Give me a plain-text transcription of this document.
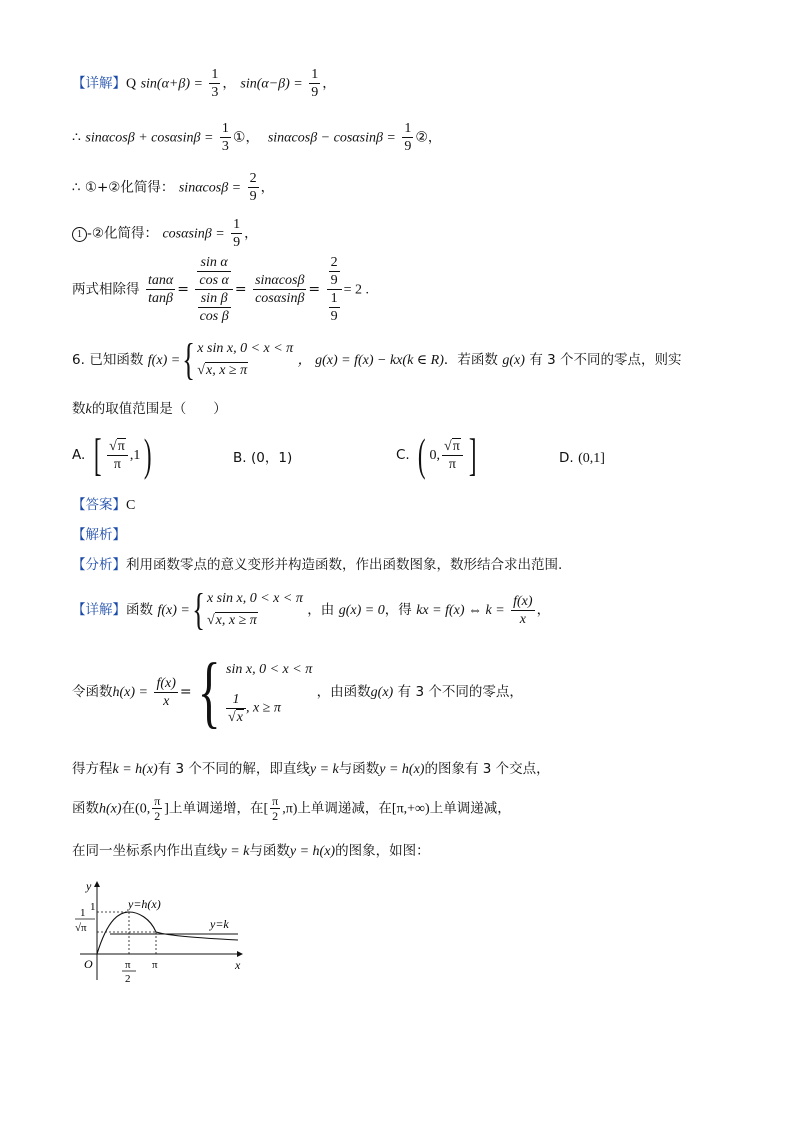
【详解】Q $\sin(\alpha+\beta) = \frac{1}{3}$ ， $\sin(\alpha-\beta) = \frac{1}{9}$ ，
∴ $\sin\alpha\cos\beta + \cos\alpha\sin\beta = \frac{1}{3}$ ①， $\sin\alpha\cos\beta - \cos\alpha\sin\beta = \frac{1}{9}$ ②，
∴ ①+②化简得： $\sin\alpha\cos\beta = \frac{2}{9}$ ，
1 -②化简得： $\cos\alpha\sin\beta = \frac{1}{9}$ ，
两式相除得 $\frac{\tan\alpha}{\tan\beta} = \frac{\frac{\text{sin α}}{\text{cos α}}}{\frac{\text{sin β}}{\text{cos β}}} = \frac{\sin\alpha\cos\beta}{\cos\alpha\sin\beta} = \frac{\frac{2}{9}}{\frac{1}{9}} = 2$ .
6. 已知函数 f(x) ={ x sin x, 0 < x < π
√x, x ≥ π
， g(x) = f(x) − kx(k ∈ R)．若函数 g(x) 有 3 个不同的零点，则实
数k的取值范围是（　　）
A. [ $\frac{√\pi}{\pi} ,1$)	B. (0，1)	C. ( 0, $\frac{√\pi}{\pi}$ ]	D. (0,1]
【答案】C
【解析】
【分析】利用函数零点的意义变形并构造函数，作出函数图象，数形结合求出范围.
【详解】函数 f(x) ={ x sin x, 0 < x < π
√x, x ≥ π
，由 g(x) = 0，得 kx = f(x) ⇔ $k = \frac{f(x)}{x}$ ，
令函数$h(x) = \frac{f(x)}{x}$ ={ sin x, 0 < x < π
$\frac{1}{√x}$ , x ≥ π
，由函数g(x) 有 3 个不同的零点，
得方程k = h(x)有 3 个不同的解，即直线y = k与函数y = h(x)的图象有 3 个交点，
函数h(x)在(0, $\frac{\pi}{2}$ ]上单调递增，在[ $\frac{\pi}{2} ,\pi$)上单调递减，在[π,+∞)上单调递减，
在同一坐标系内作出直线y = k与函数y = h(x)的图象，如图：
y
x
O
y=h(x)
y=k
1
1
√π
π
2
π
